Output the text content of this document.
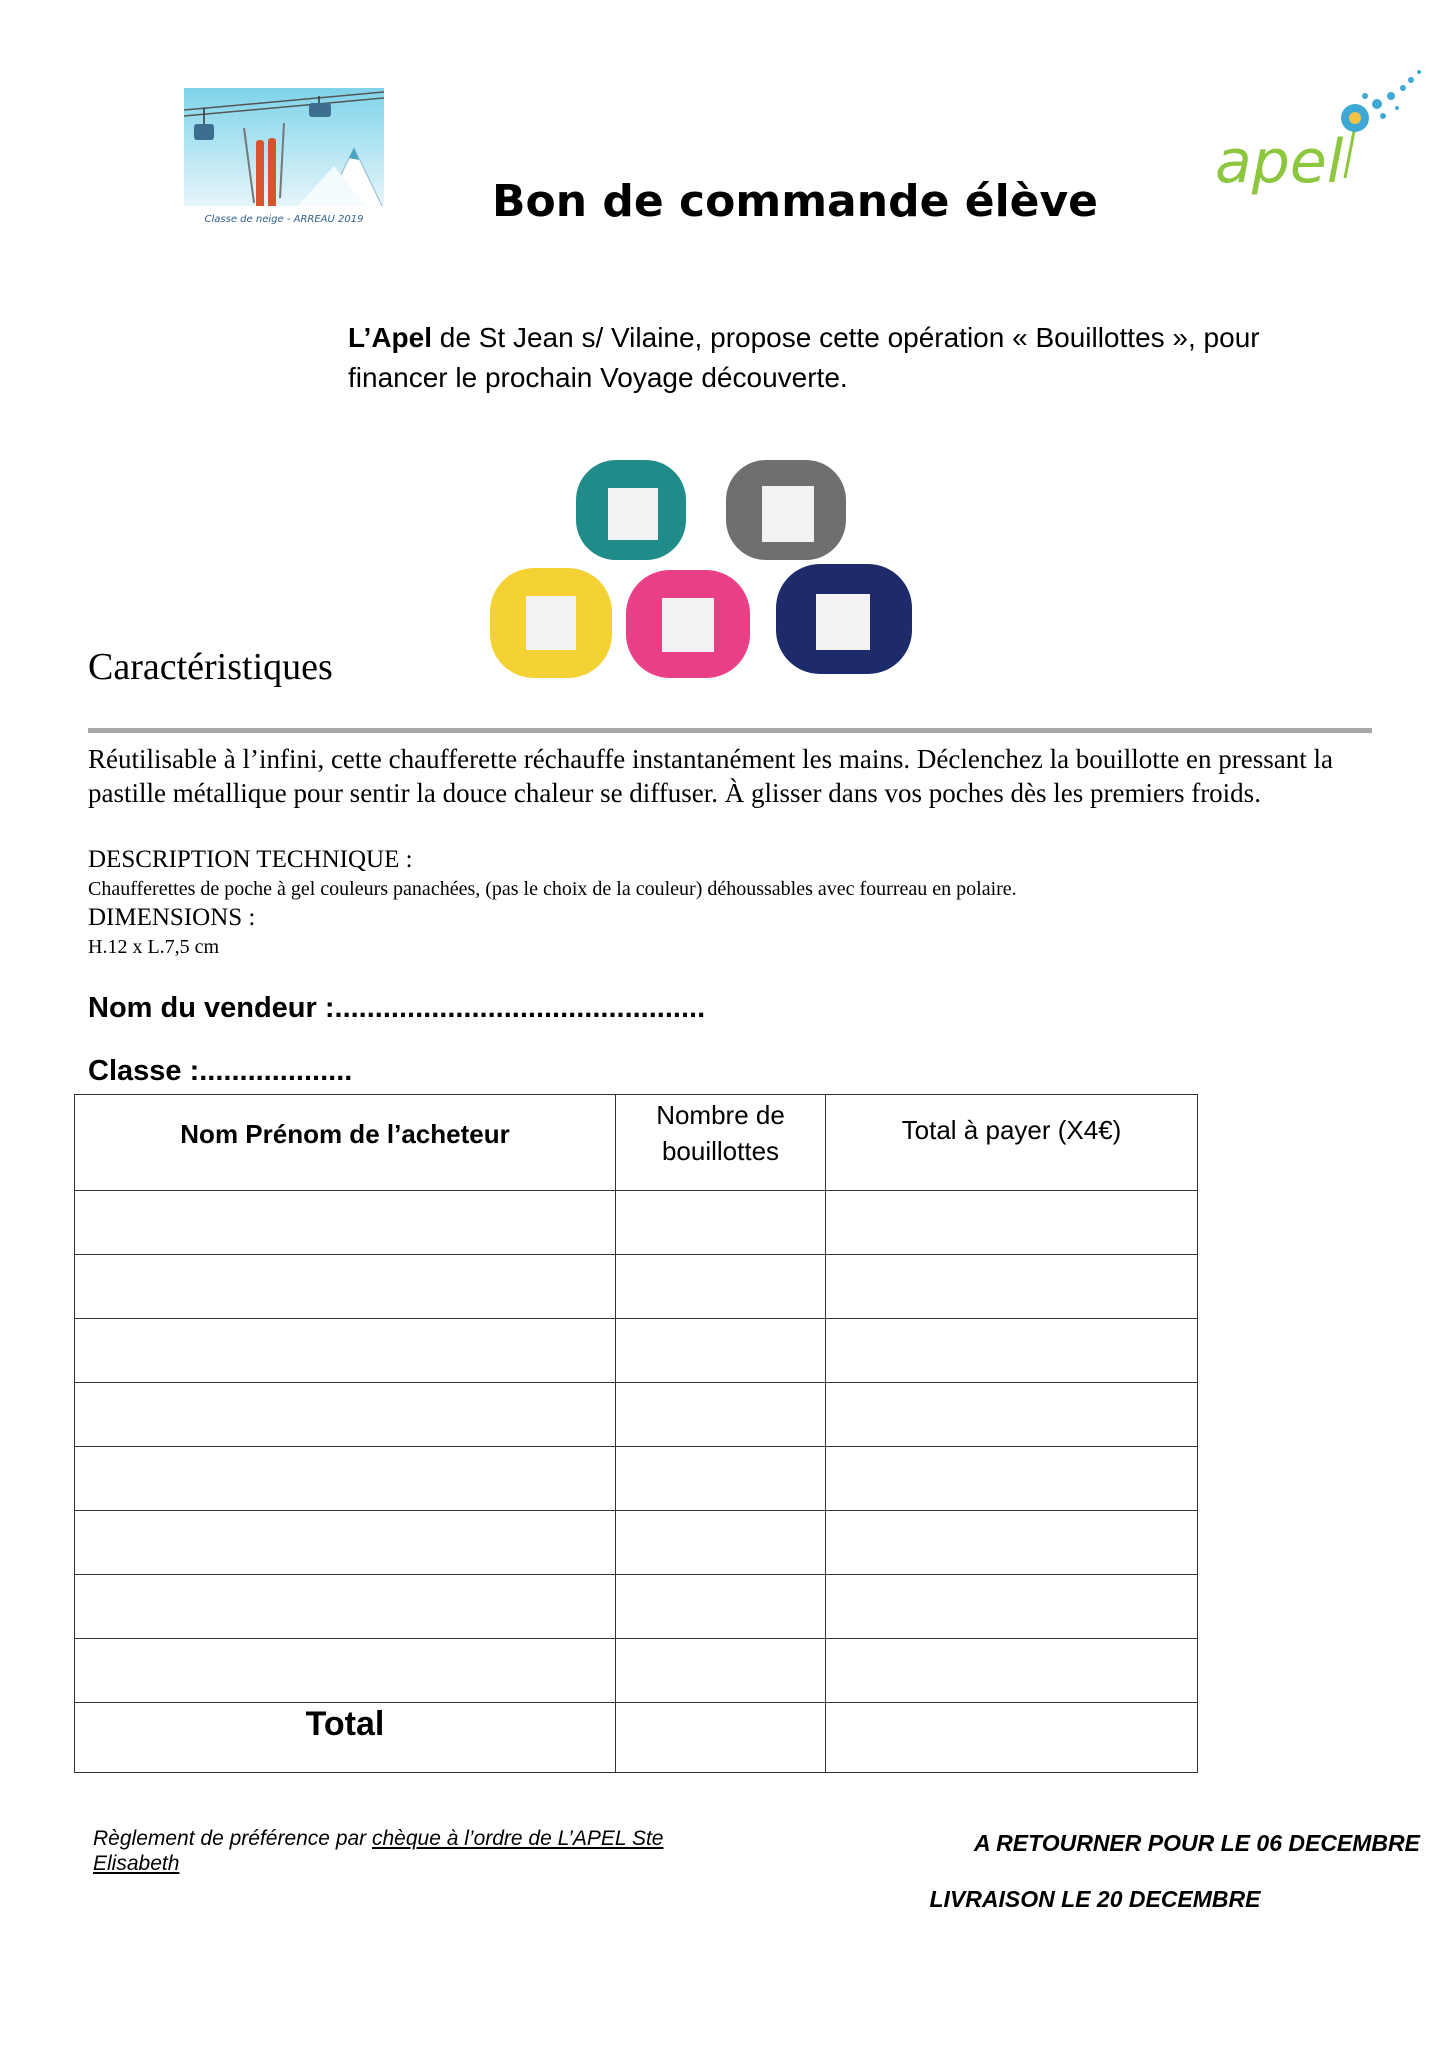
Classe de neige - ARREAU 2019	Bon de commande élève
apel
L’Apel de St Jean s/ Vilaine, propose cette opération « Bouillottes », pour financer le prochain Voyage découverte.
Caractéristiques
Réutilisable à l’infini, cette chaufferette réchauffe instantanément les mains. Déclenchez la bouillotte en pressant la pastille métallique pour sentir la douce chaleur se diffuser. À glisser dans vos poches dès les premiers froids.
DESCRIPTION TECHNIQUE :
Chaufferettes de poche à gel couleurs panachées, (pas le choix de la couleur) déhoussables avec fourreau en polaire.
DIMENSIONS :
H.12 x L.7,5 cm
Nom du vendeur :..............................................
Classe :...................
Nom Prénom de l’acheteur	Nombre de bouillottes	Total à payer (X4€)

Total		
Règlement de préférence par chèque à l’ordre de L’APEL Ste Elisabeth
A RETOURNER POUR LE 06 DECEMBRE
LIVRAISON LE 20 DECEMBRE
